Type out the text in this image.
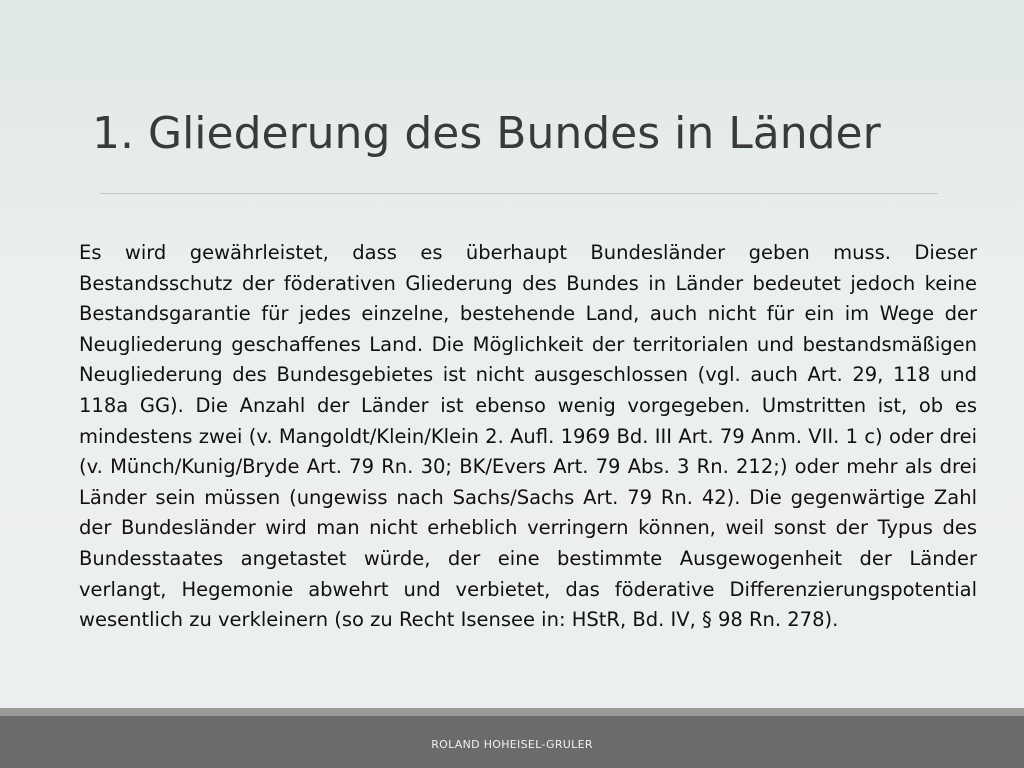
1. Gliederung des Bundes in Länder

Es wird gewährleistet, dass es überhaupt Bundesländer geben muss. Dieser Bestandsschutz der föderativen Gliederung des Bundes in Länder bedeutet jedoch keine Bestandsgarantie für jedes einzelne, bestehende Land, auch nicht für ein im Wege der Neugliederung geschaffenes Land. Die Möglichkeit der territorialen und bestandsmäßigen Neugliederung des Bundesgebietes ist nicht ausgeschlossen (vgl. auch Art. 29, 118 und 118a GG). Die Anzahl der Länder ist ebenso wenig vorgegeben. Umstritten ist, ob es mindestens zwei (v. Mangoldt/Klein/Klein 2. Aufl. 1969 Bd. III Art. 79 Anm. VII. 1 c) oder drei (v. Münch/Kunig/Bryde Art. 79 Rn. 30; BK/Evers Art. 79 Abs. 3 Rn. 212;) oder mehr als drei Länder sein müssen (ungewiss nach Sachs/Sachs Art. 79 Rn. 42). Die gegenwärtige Zahl der Bundesländer wird man nicht erheblich verringern können, weil sonst der Typus des Bundesstaates angetastet würde, der eine bestimmte Ausgewogenheit der Länder verlangt, Hegemonie abwehrt und verbietet, das föderative Differenzierungspotential wesentlich zu verkleinern (so zu Recht Isensee in: HStR, Bd. IV, § 98 Rn. 278).

ROLAND HOHEISEL-GRULER
